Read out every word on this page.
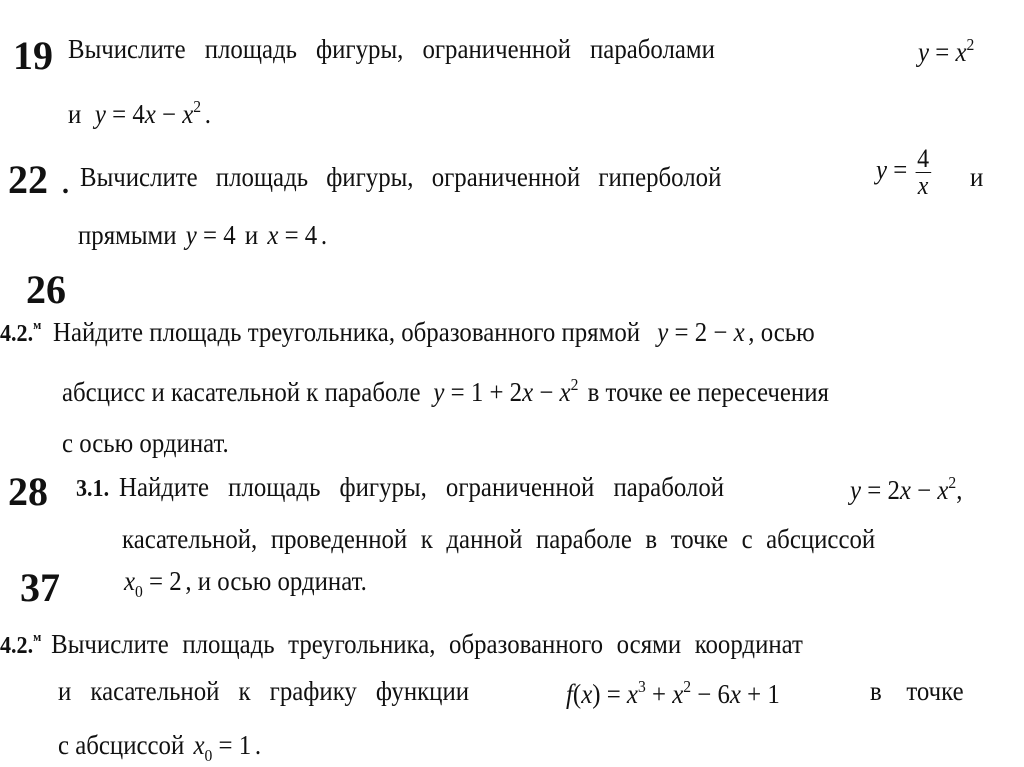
19 Вычислите площадь фигуры, ограниченной параболами	$y = x^2$
и $y = 4x - x^2$ .
22 . Вычислите площадь фигуры, ограниченной гиперболой	$y = \frac{4}{x}$ и
прямыми y = 4 и x = 4 .
26
4.2.$^м$ Найдите площадь треугольника, образованного прямой y = 2 − x , осью
абсцисс и касательной к параболе $y = 1 + 2x - x^2$ в точке ее пересечения
с осью ординат.
28 3.1. Найдите площадь фигуры, ограниченной параболой	$y = 2x - x^2$,
касательной, проведенной к данной параболе в точке с абсциссой
37 $x_0 = 2$ , и осью ординат.
4.2.$^м$ Вычислите площадь треугольника, образованного осями координат
и касательной к графику функции	$f(x) = x^3 + x^2 - 6x + 1$	в точке
с абсциссой $x_0 = 1$ .
